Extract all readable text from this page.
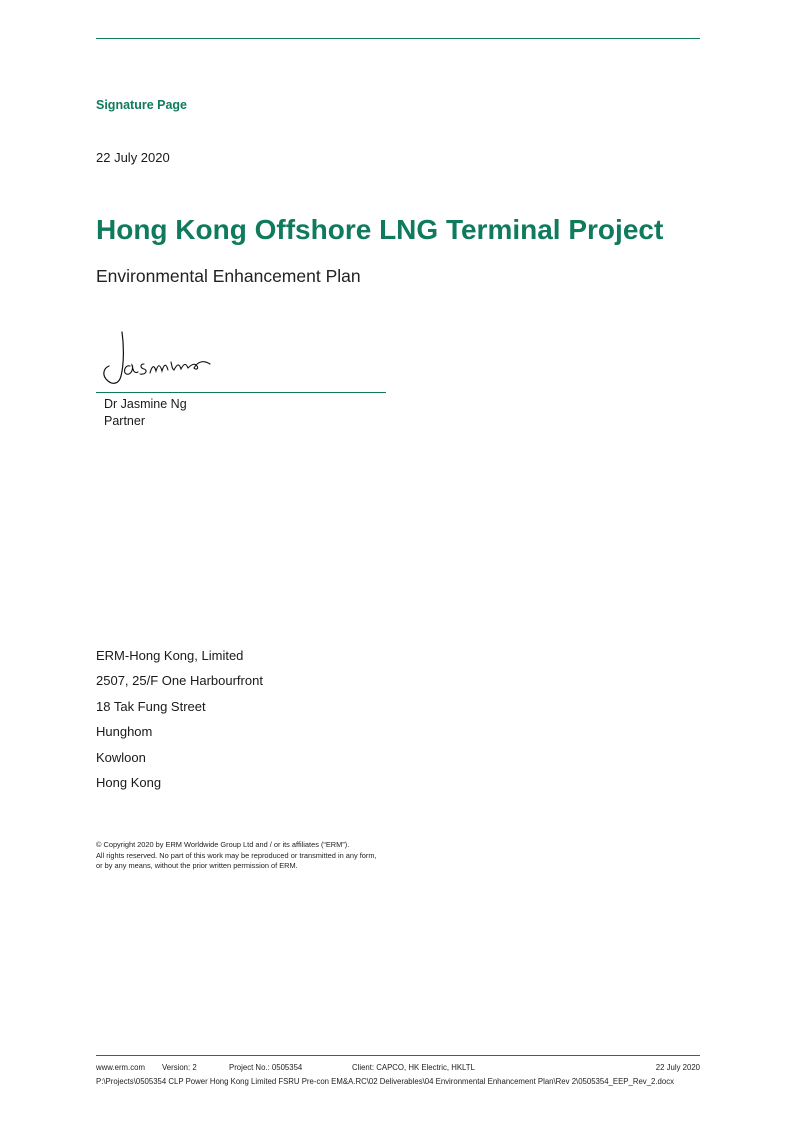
Signature Page
22 July 2020
Hong Kong Offshore LNG Terminal Project
Environmental Enhancement Plan
Dr Jasmine Ng
Partner
ERM-Hong Kong, Limited
2507, 25/F One Harbourfront
18 Tak Fung Street
Hunghom
Kowloon
Hong Kong
© Copyright 2020 by ERM Worldwide Group Ltd and / or its affiliates (“ERM”).
All rights reserved. No part of this work may be reproduced or transmitted in any form,
or by any means, without the prior written permission of ERM.
www.erm.com Version: 2	Project No.: 0505354	Client: CAPCO, HK Electric, HKLTL	22 July 2020
P:\Projects\0505354 CLP Power Hong Kong Limited FSRU Pre-con EM&A.RC\02 Deliverables\04 Environmental Enhancement Plan\Rev 2\0505354_EEP_Rev_2.docx
